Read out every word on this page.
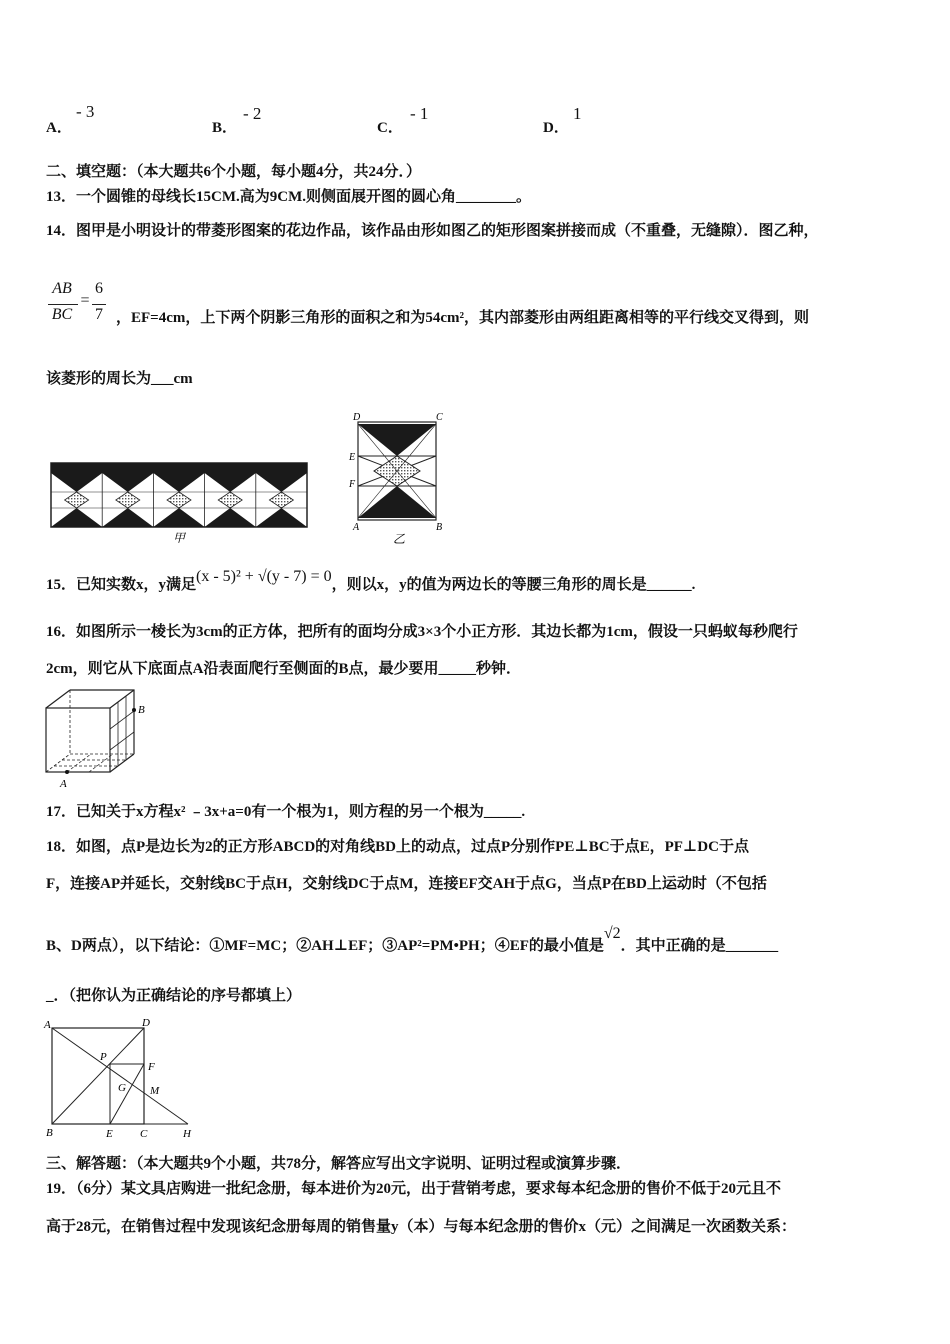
A．
- 3
B．
- 2
C．
- 1
D．
1
二、填空题：（本大题共6个小题，每小题4分，共24分．）
13．一个圆锥的母线长15CM.高为9CM.则侧面展开图的圆心角________。
14．图甲是小明设计的带菱形图案的花边作品，该作品由形如图乙的矩形图案拼接而成（不重叠，无缝隙）．图乙种，
AB
BC
=
6
7 ，EF=4cm，上下两个阴影三角形的面积之和为54cm²，其内部菱形由两组距离相等的平行线交叉得到，则
该菱形的周长为___cm
甲
D	C
E
F
A	B
乙
15．已知实数x，y满足(x - 5)² + √(y - 7) = 0，则以x，y的值为两边长的等腰三角形的周长是______.
16．如图所示一棱长为3cm的正方体，把所有的面均分成3×3个小正方形．其边长都为1cm，假设一只蚂蚁每秒爬行
2cm，则它从下底面点A沿表面爬行至侧面的B点，最少要用_____秒钟．
A
B
17．已知关于x方程x² ﹣3x+a=0有一个根为1，则方程的另一个根为_____.
18．如图，点P是边长为2的正方形ABCD的对角线BD上的动点，过点P分别作PE⊥BC于点E，PF⊥DC于点
F，连接AP并延长，交射线BC于点H，交射线DC于点M，连接EF交AH于点G，当点P在BD上运动时（不包括
B、D两点），以下结论：①MF=MC；②AH⊥EF；③AP²=PM•PH；④EF的最小值是√2．其中正确的是_______
_．（把你认为正确结论的序号都填上）
A	D
P
F
G M
B	E C	H
三、解答题：（本大题共9个小题，共78分，解答应写出文字说明、证明过程或演算步骤．
19．（6分）某文具店购进一批纪念册，每本进价为20元，出于营销考虑，要求每本纪念册的售价不低于20元且不
高于28元，在销售过程中发现该纪念册每周的销售量y（本）与每本纪念册的售价x（元）之间满足一次函数关系：
